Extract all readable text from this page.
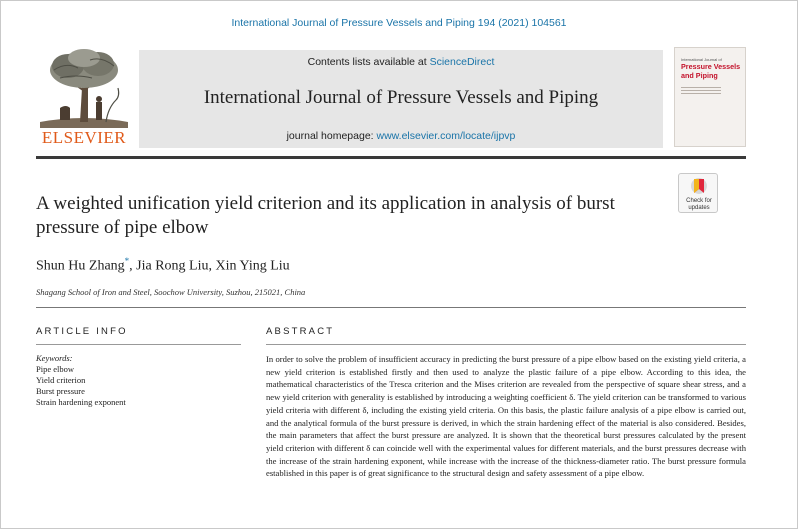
International Journal of Pressure Vessels and Piping 194 (2021) 104561
ELSEVIER
Contents lists available at ScienceDirect
International Journal of Pressure Vessels and Piping
journal homepage: www.elsevier.com/locate/ijpvp
International Journal of
Pressure Vessels and Piping
Check for
updates
A weighted unification yield criterion and its application in analysis of burst pressure of pipe elbow
Shun Hu Zhang*, Jia Rong Liu, Xin Ying Liu
Shagang School of Iron and Steel, Soochow University, Suzhou, 215021, China
ARTICLE INFO
Keywords:
Pipe elbow
Yield criterion
Burst pressure
Strain hardening exponent
ABSTRACT
In order to solve the problem of insufficient accuracy in predicting the burst pressure of a pipe elbow based on the existing yield criteria, a new yield criterion is established firstly and then used to analyze the plastic failure of a pipe elbow. According to this idea, the mathematical characteristics of the Tresca criterion and the Mises criterion are revealed from the perspective of square shear stress, and a new yield criterion with generality is established by introducing a weighting coefficient δ. The yield criterion can be transformed to various yield criteria with different δ, including the existing yield criteria. On this basis, the plastic failure analysis of a pipe elbow is carried out, and the analytical formula of the burst pressure is derived, in which the strain hardening effect of the material is also considered. Besides, the main parameters that affect the burst pressure are analyzed. It is shown that the theoretical burst pressures calculated by the present yield criterion with different δ can coincide well with the experimental values for different materials, and the burst pressures decrease with the increase of the strain hardening exponent, while increase with the increase of the thickness-diameter ratio. The burst pressure formula established in this paper is of great significance to the structural design and safety assessment of a pipe elbow.
